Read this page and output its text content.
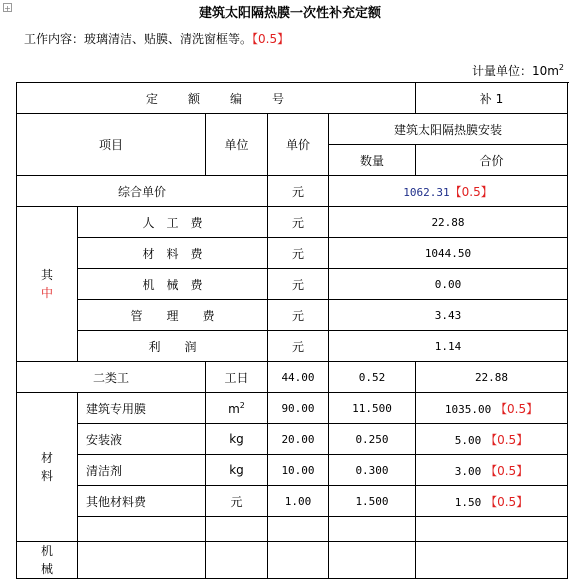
+	建筑太阳隔热膜一次性补充定额
工作内容：玻璃清洁、贴膜、清洗窗框等。【0.5】
计量单位：$10m^2$
定　　额　　编　　号					补 1
项目		单位	单价	建筑太阳隔热膜安装	
				数量	合价
综合单价			元	1062.31【0.5】	
其
中	人　工　费		元	22.88	
	材　料　费		元	1044.50	
	机　械　费		元	0.00	
	管　　理　　费		元	3.43	
	利　　润		元	1.14	
二类工		工日	44.00	0.52	22.88
材
料	建筑专用膜	$m^2$	90.00	11.500	1035.00 【0.5】
	安装液	kg	20.00	0.250	5.00 【0.5】
	清洁剂	kg	10.00	0.300	3.00 【0.5】
	其他材料费	元	1.00	1.500	1.50 【0.5】

机
械					
